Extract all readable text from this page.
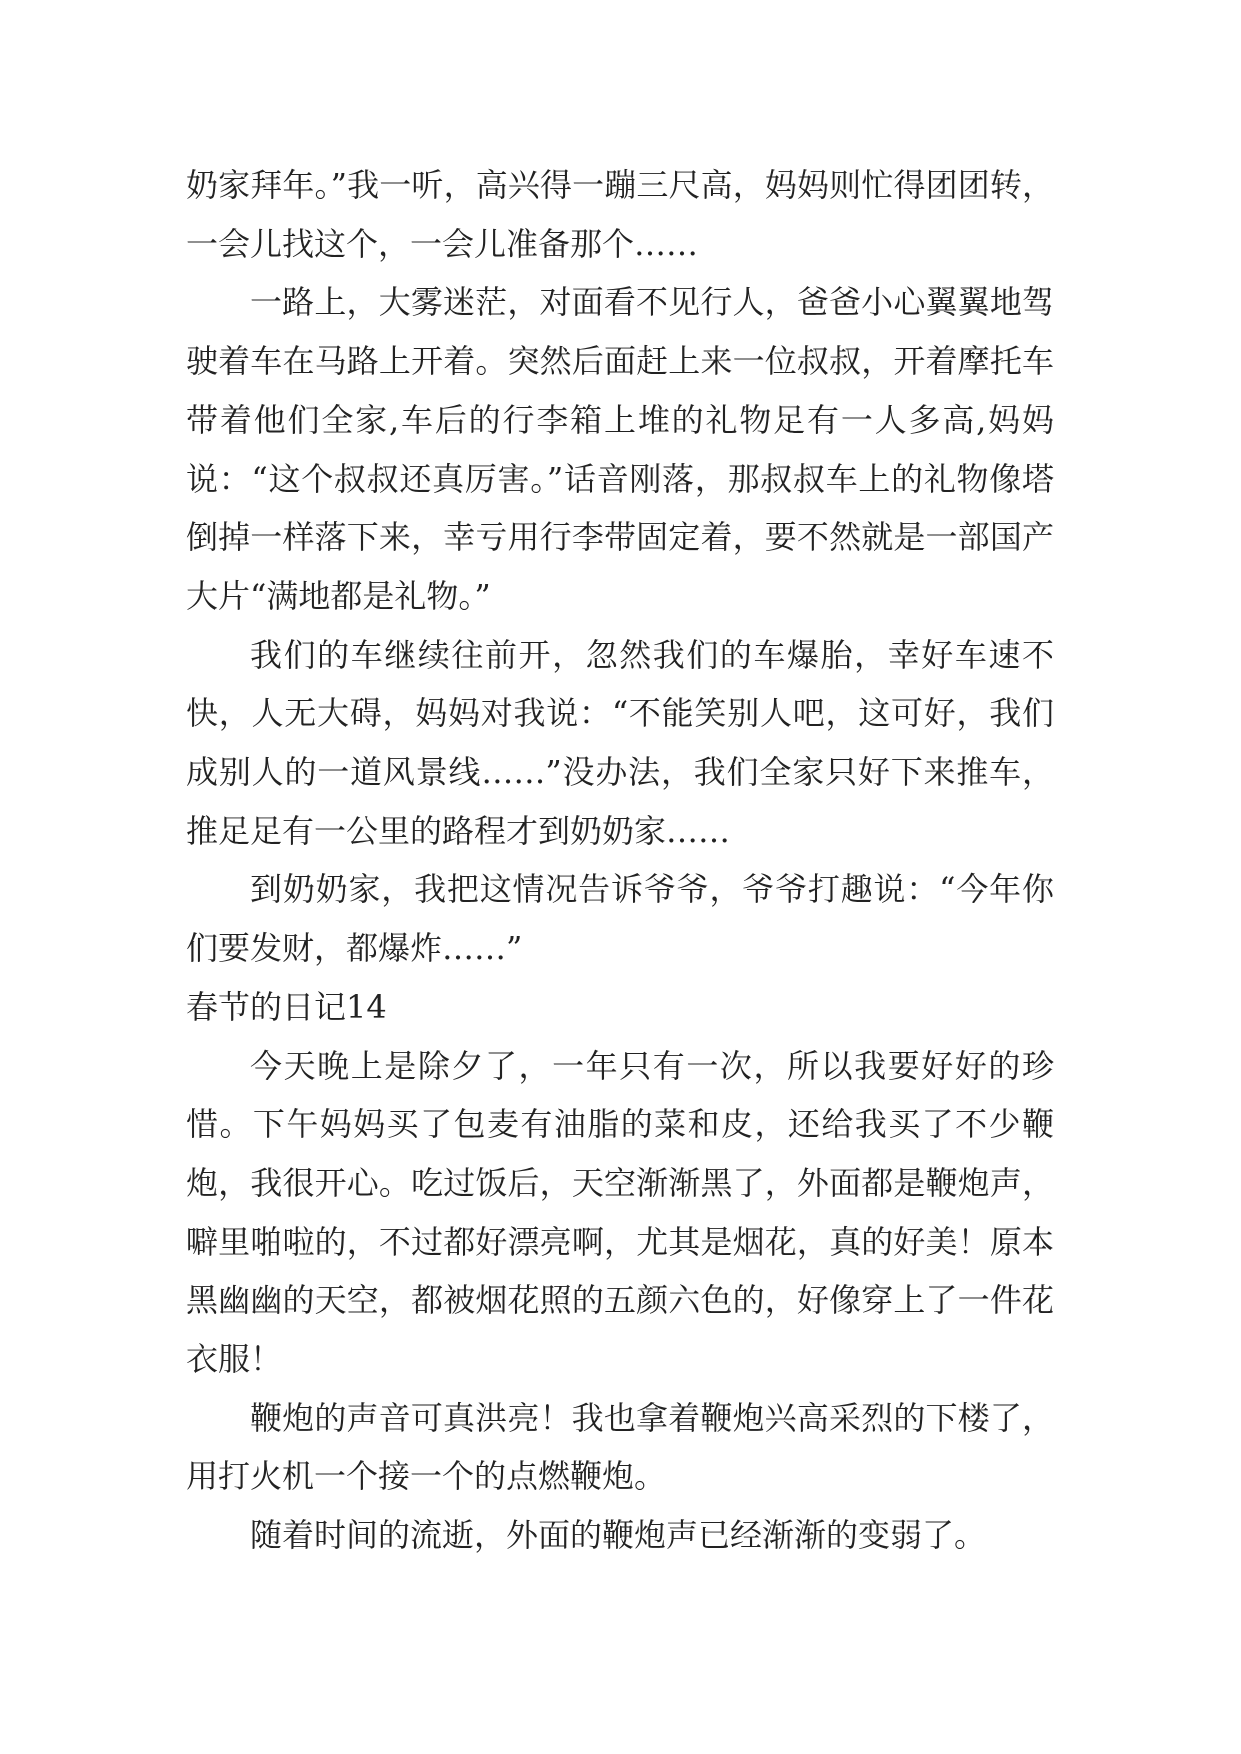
奶家拜年。”我一听，高兴得一蹦三尺高，妈妈则忙得团团转，一会儿找这个，一会儿准备那个……

一路上，大雾迷茫，对面看不见行人，爸爸小心翼翼地驾驶着车在马路上开着。突然后面赶上来一位叔叔，开着摩托车带着他们全家,车后的行李箱上堆的礼物足有一人多高,妈妈说：“这个叔叔还真厉害。”话音刚落，那叔叔车上的礼物像塔倒掉一样落下来，幸亏用行李带固定着，要不然就是一部国产大片“满地都是礼物。”

我们的车继续往前开，忽然我们的车爆胎，幸好车速不快，人无大碍，妈妈对我说：“不能笑别人吧，这可好，我们成别人的一道风景线……”没办法，我们全家只好下来推车，推足足有一公里的路程才到奶奶家……

到奶奶家，我把这情况告诉爷爷，爷爷打趣说：“今年你们要发财，都爆炸……”

春节的日记14

今天晚上是除夕了，一年只有一次，所以我要好好的珍惜。下午妈妈买了包麦有油脂的菜和皮，还给我买了不少鞭炮，我很开心。吃过饭后，天空渐渐黑了，外面都是鞭炮声，噼里啪啦的，不过都好漂亮啊，尤其是烟花，真的好美！原本黑幽幽的天空，都被烟花照的五颜六色的，好像穿上了一件花衣服！

鞭炮的声音可真洪亮！我也拿着鞭炮兴高采烈的下楼了，用打火机一个接一个的点燃鞭炮。

随着时间的流逝，外面的鞭炮声已经渐渐的变弱了。
